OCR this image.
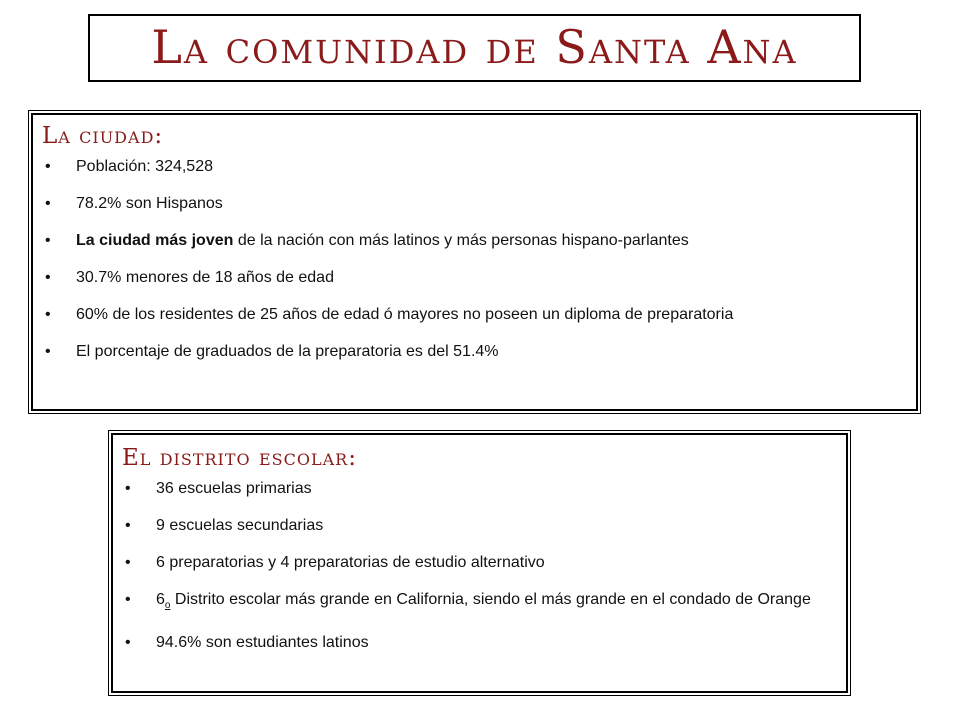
La comunidad de Santa Ana
La ciudad:
• Población: 324,528
• 78.2% son Hispanos
• La ciudad más joven de la nación con más latinos y más personas hispano-parlantes
• 30.7% menores de 18 años de edad
• 60% de los residentes de 25 años de edad ó mayores no poseen un diploma de preparatoria
• El porcentaje de graduados de la preparatoria es del 51.4%
El distrito escolar:
• 36 escuelas primarias
• 9 escuelas secundarias
• 6 preparatorias y 4 preparatorias de estudio alternativo
• $6_o$ Distrito escolar más grande en California, siendo el más grande en el condado de Orange
• 94.6% son estudiantes latinos
